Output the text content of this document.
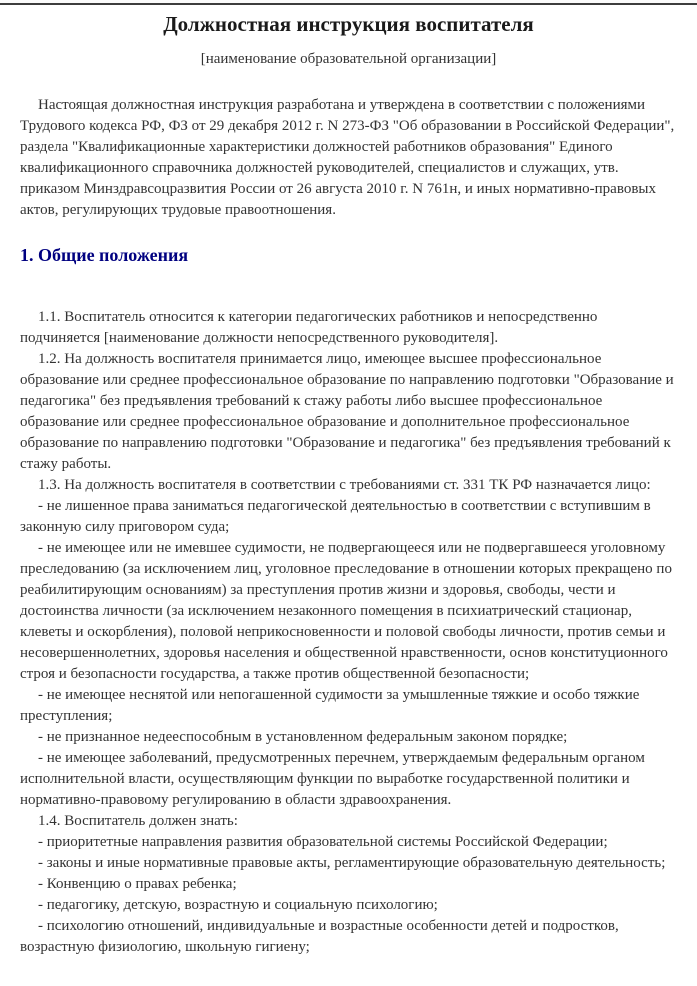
Должностная инструкция воспитателя

[наименование образовательной организации]

Настоящая должностная инструкция разработана и утверждена в соответствии с положениями Трудового кодекса РФ, ФЗ от 29 декабря 2012 г. N 273-ФЗ "Об образовании в Российской Федерации", раздела "Квалификационные характеристики должностей работников образования" Единого квалификационного справочника должностей руководителей, специалистов и служащих, утв. приказом Минздравсоцразвития России от 26 августа 2010 г. N 761н, и иных нормативно-правовых актов, регулирующих трудовые правоотношения.

1. Общие положения

1.1. Воспитатель относится к категории педагогических работников и непосредственно подчиняется [наименование должности непосредственного руководителя].

1.2. На должность воспитателя принимается лицо, имеющее высшее профессиональное образование или среднее профессиональное образование по направлению подготовки "Образование и педагогика" без предъявления требований к стажу работы либо высшее профессиональное образование или среднее профессиональное образование и дополнительное профессиональное образование по направлению подготовки "Образование и педагогика" без предъявления требований к стажу работы.

1.3. На должность воспитателя в соответствии с требованиями ст. 331 ТК РФ назначается лицо:

- не лишенное права заниматься педагогической деятельностью в соответствии с вступившим в законную силу приговором суда;

- не имеющее или не имевшее судимости, не подвергающееся или не подвергавшееся уголовному преследованию (за исключением лиц, уголовное преследование в отношении которых прекращено по реабилитирующим основаниям) за преступления против жизни и здоровья, свободы, чести и достоинства личности (за исключением незаконного помещения в психиатрический стационар, клеветы и оскорбления), половой неприкосновенности и половой свободы личности, против семьи и несовершеннолетних, здоровья населения и общественной нравственности, основ конституционного строя и безопасности государства, а также против общественной безопасности;

- не имеющее неснятой или непогашенной судимости за умышленные тяжкие и особо тяжкие преступления;

- не признанное недееспособным в установленном федеральным законом порядке;

- не имеющее заболеваний, предусмотренных перечнем, утверждаемым федеральным органом исполнительной власти, осуществляющим функции по выработке государственной политики и нормативно-правовому регулированию в области здравоохранения.

1.4. Воспитатель должен знать:

- приоритетные направления развития образовательной системы Российской Федерации;

- законы и иные нормативные правовые акты, регламентирующие образовательную деятельность;

- Конвенцию о правах ребенка;

- педагогику, детскую, возрастную и социальную психологию;

- психологию отношений, индивидуальные и возрастные особенности детей и подростков, возрастную физиологию, школьную гигиену;
